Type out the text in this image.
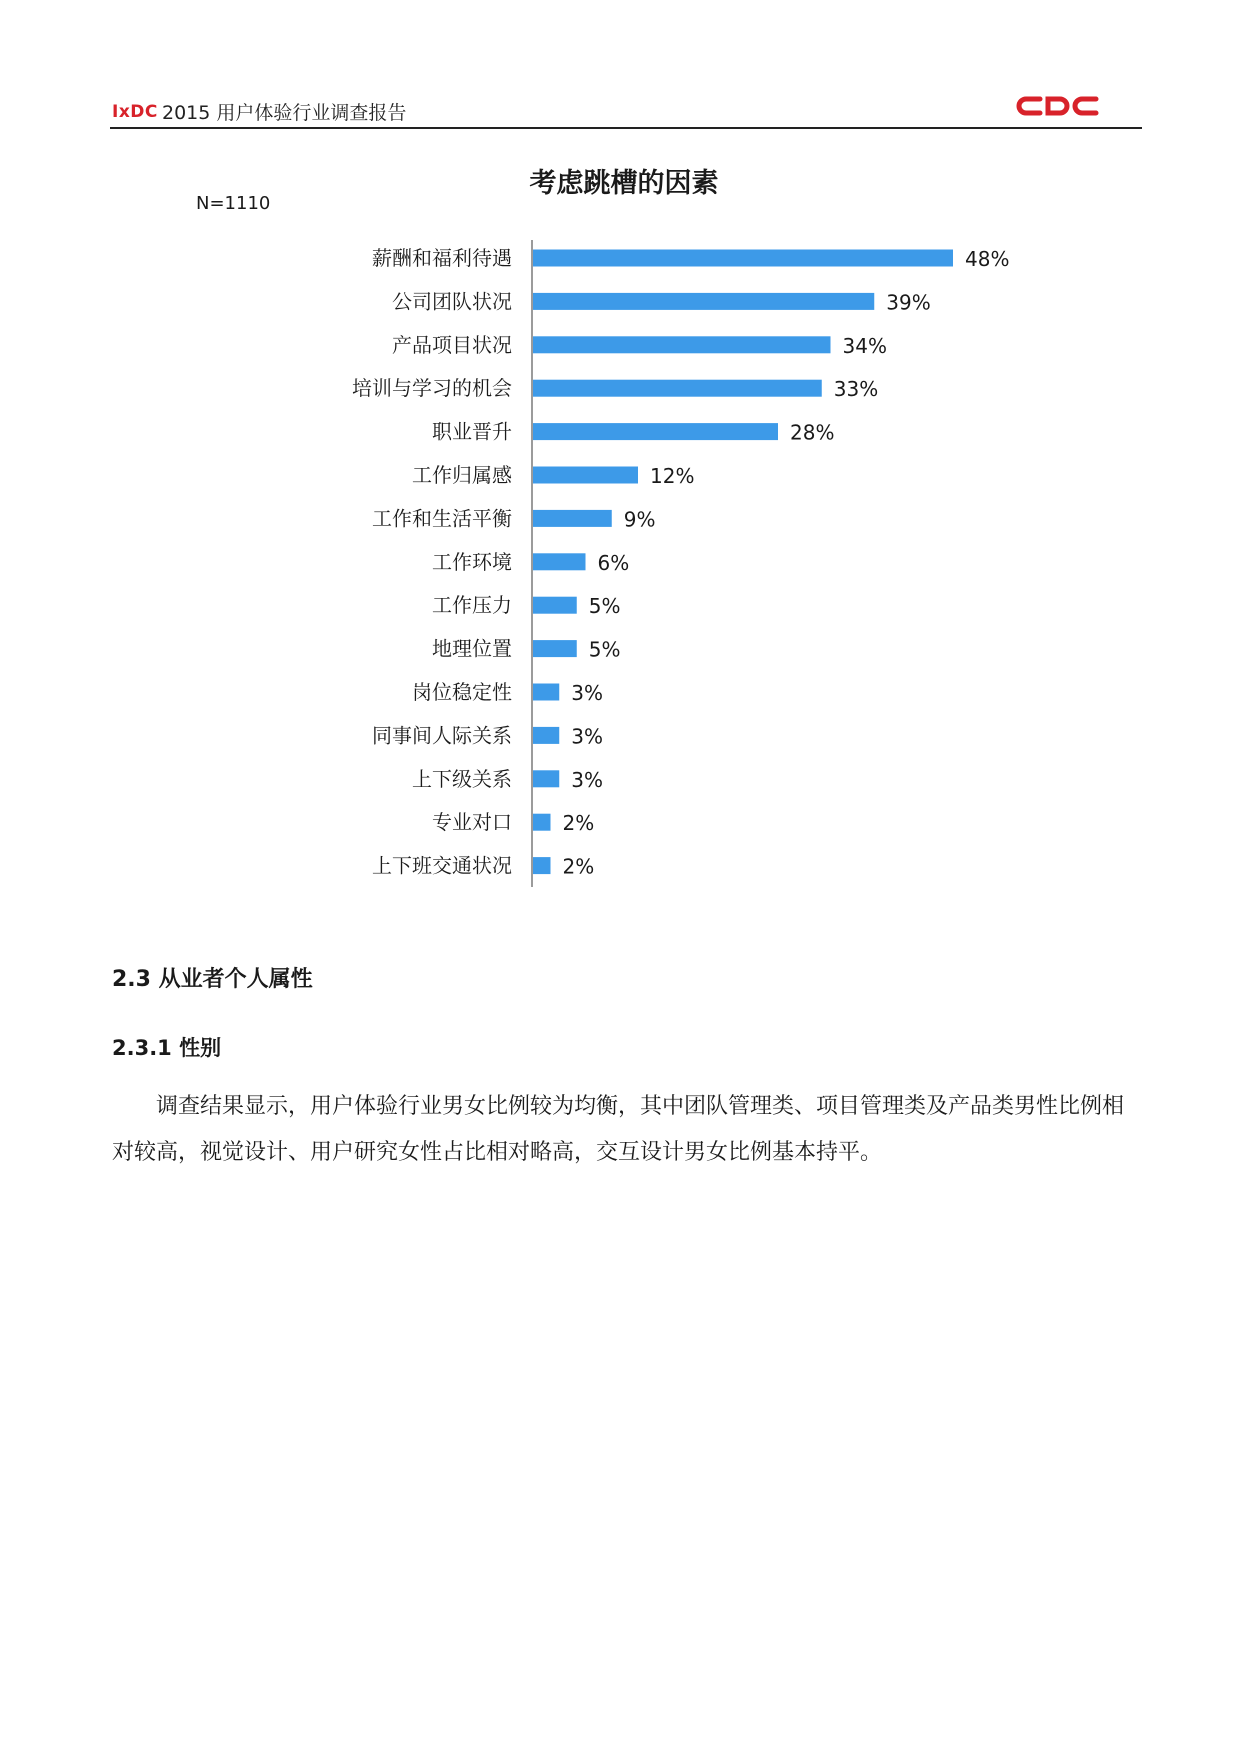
IxDC 2015 用户体验行业调查报告
考虑跳槽的因素
N=1110
薪酬和福利待遇	48%
公司团队状况	39%
产品项目状况	34%
培训与学习的机会	33%
职业晋升	28%
工作归属感	12%
工作和生活平衡	9%
工作环境	6%
工作压力	5%
地理位置	5%
岗位稳定性	3%
同事间人际关系	3%
上下级关系	3%
专业对口	2%
上下班交通状况	2%
2.3 从业者个人属性
2.3.1 性别
调查结果显示，用户体验行业男女比例较为均衡，其中团队管理类、项目管理类及产品类男性比例相对较高，视觉设计、用户研究女性占比相对略高，交互设计男女比例基本持平。
